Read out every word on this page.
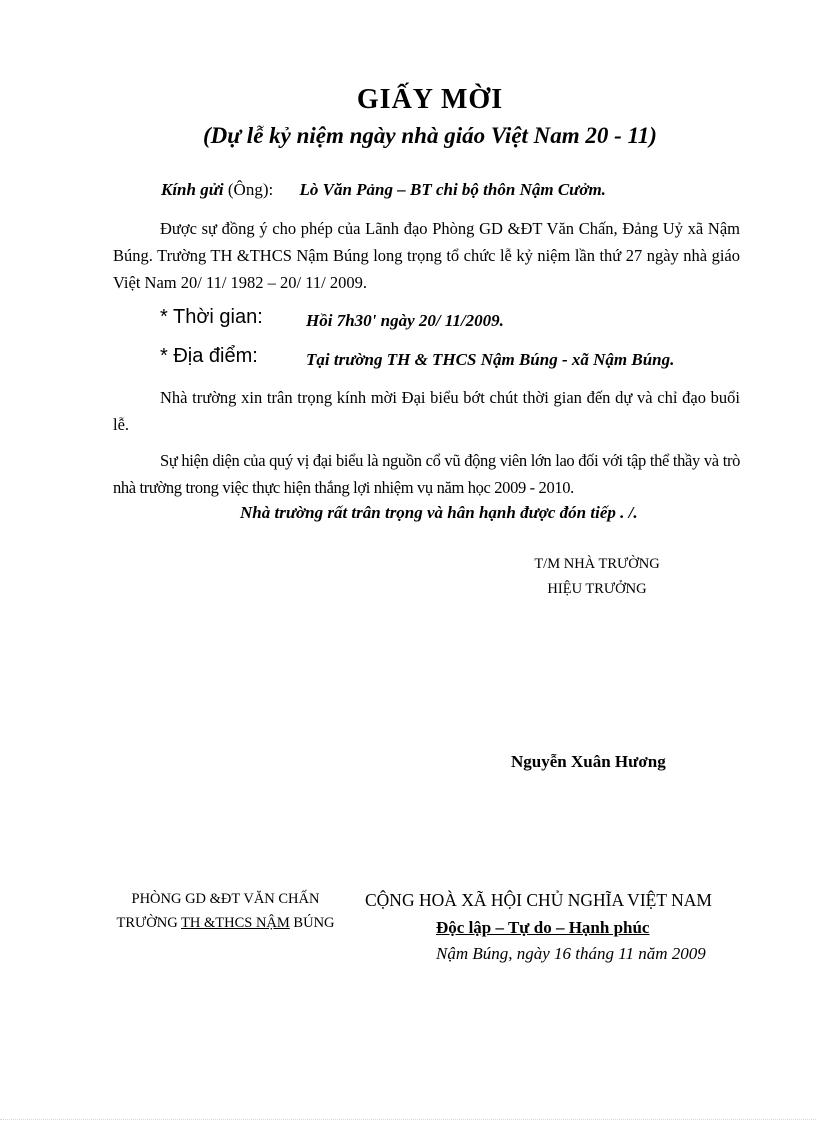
GIẤY MỜI
(Dự lễ kỷ niệm ngày nhà giáo Việt Nam 20 - 11)
Kính gửi (Ông): Lò Văn Pảng – BT chi bộ thôn Nậm Cưởm.
Được sự đồng ý cho phép của Lãnh đạo Phòng GD &ĐT Văn Chấn, Đảng Uỷ xã Nậm Búng. Trường TH &THCS Nậm Búng long trọng tổ chức lễ kỷ niệm lần thứ 27 ngày nhà giáo Việt Nam 20/ 11/ 1982 – 20/ 11/ 2009.
* Thời gian:	Hồi 7h30' ngày 20/ 11/2009.
* Địa điểm:	Tại trường TH & THCS Nậm Búng - xã Nậm Búng.
Nhà trường xin trân trọng kính mời Đại biểu bớt chút thời gian đến dự và chỉ đạo buổi lễ.
Sự hiện diện của quý vị đại biểu là nguồn cổ vũ động viên lớn lao đối với tập thể thầy và trò nhà trường trong việc thực hiện thắng lợi nhiệm vụ năm học 2009 - 2010.
Nhà trường rất trân trọng và hân hạnh được đón tiếp . /.
T/M NHÀ TRƯỜNG
HIỆU TRƯỞNG
Nguyễn Xuân Hương
PHÒNG GD &ĐT VĂN CHẤN
TRƯỜNG TH &THCS NẬM BÚNG
CỘNG HOÀ XÃ HỘI CHỦ NGHĨA VIỆT NAM
Độc lập – Tự do – Hạnh phúc
Nậm Búng, ngày 16 tháng 11 năm 2009
